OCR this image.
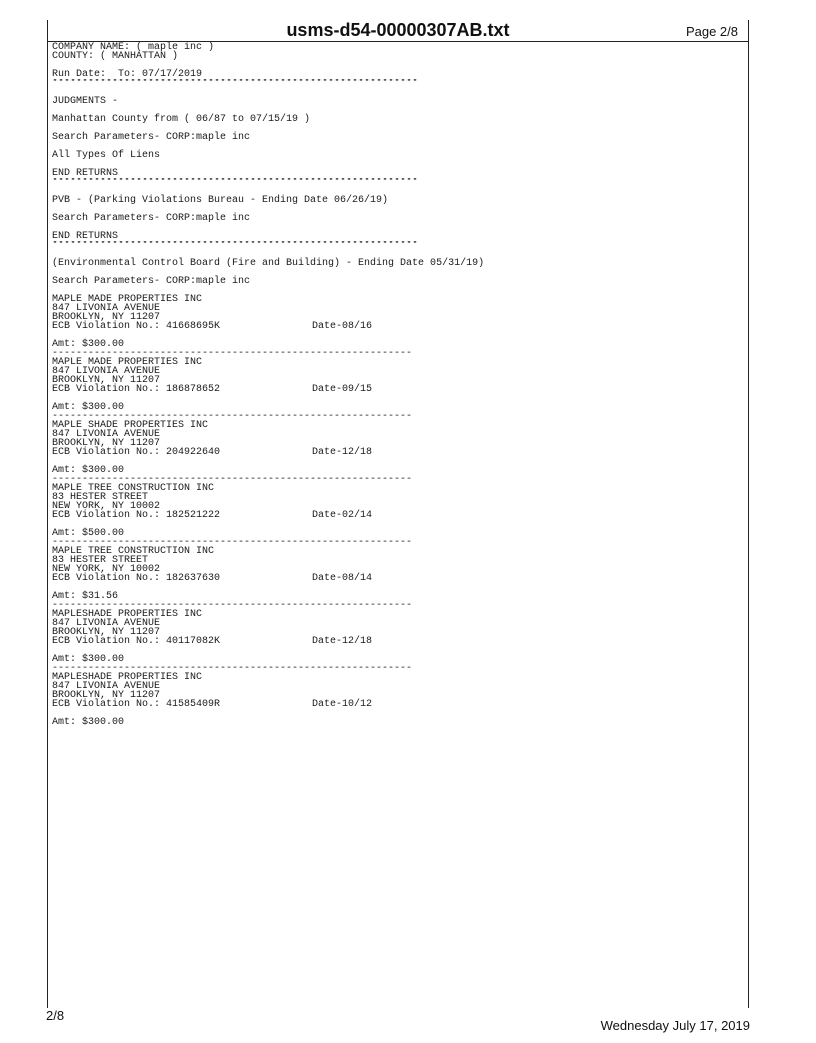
usms-d54-00000307AB.txt	Page 2/8
COMPANY NAME: ( maple inc )
COUNTY: ( MANHATTAN )
Run Date:  To: 07/17/2019
*************************************************************
JUDGMENTS -
Manhattan County from ( 06/87 to 07/15/19 )
Search Parameters- CORP:maple inc
All Types Of Liens
END RETURNS
*************************************************************
PVB - (Parking Violations Bureau - Ending Date 06/26/19)
Search Parameters- CORP:maple inc
END RETURNS
*************************************************************
(Environmental Control Board (Fire and Building) - Ending Date 05/31/19)
Search Parameters- CORP:maple inc
MAPLE MADE PROPERTIES INC
847 LIVONIA AVENUE
BROOKLYN, NY 11207
ECB Violation No.: 41668695K	Date-08/16
Amt: $300.00
------------------------------------------------------------
MAPLE MADE PROPERTIES INC
847 LIVONIA AVENUE
BROOKLYN, NY 11207
ECB Violation No.: 186878652	Date-09/15
Amt: $300.00
------------------------------------------------------------
MAPLE SHADE PROPERTIES INC
847 LIVONIA AVENUE
BROOKLYN, NY 11207
ECB Violation No.: 204922640	Date-12/18
Amt: $300.00
------------------------------------------------------------
MAPLE TREE CONSTRUCTION INC
83 HESTER STREET
NEW YORK, NY 10002
ECB Violation No.: 182521222	Date-02/14
Amt: $500.00
------------------------------------------------------------
MAPLE TREE CONSTRUCTION INC
83 HESTER STREET
NEW YORK, NY 10002
ECB Violation No.: 182637630	Date-08/14
Amt: $31.56
------------------------------------------------------------
MAPLESHADE PROPERTIES INC
847 LIVONIA AVENUE
BROOKLYN, NY 11207
ECB Violation No.: 40117082K	Date-12/18
Amt: $300.00
------------------------------------------------------------
MAPLESHADE PROPERTIES INC
847 LIVONIA AVENUE
BROOKLYN, NY 11207
ECB Violation No.: 41585409R	Date-10/12
Amt: $300.00
2/8
Wednesday July 17, 2019
